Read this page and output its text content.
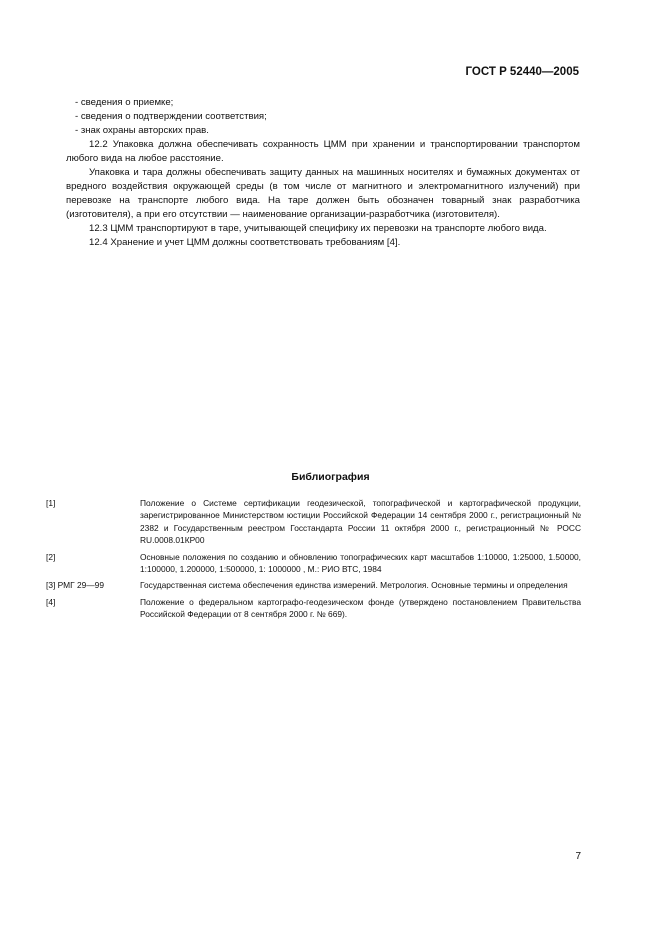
ГОСТ Р 52440—2005

- сведения о приемке;

- сведения о подтверждении соответствия;

- знак охраны авторских прав.

12.2 Упаковка должна обеспечивать сохранность ЦММ при хранении и транспортировании транспортом любого вида на любое расстояние.

Упаковка и тара должны обеспечивать защиту данных на машинных носителях и бумажных документах от вредного воздействия окружающей среды (в том числе от магнитного и электромагнитного излучений) при перевозке на транспорте любого вида. На таре должен быть обозначен товарный знак разработчика (изготовителя), а при его отсутствии — наименование организации-разработчика (изготовителя).

12.3 ЦММ транспортируют в таре, учитывающей специфику их перевозки на транспорте любого вида.

12.4 Хранение и учет ЦММ должны соответствовать требованиям [4].

Библиография
[1]	Положение о Системе сертификации геодезической, топографической и картографической продукции, зарегистрированное Министерством юстиции Российской Федерации 14 сентября 2000 г., регистрационный № 2382 и Государственным реестром Госстандарта России 11 октября 2000 г., регистрационный № РОСС RU.0008.01КР00
[2]	Основные положения по созданию и обновлению топографических карт масштабов 1:10000, 1:25000, 1.50000, 1:100000, 1.200000, 1:500000, 1: 1000000 , М.: РИО ВТС, 1984
[3] РМГ 29—99	Государственная система обеспечения единства измерений. Метрология. Основные термины и определения
[4]	Положение о федеральном картографо-геодезическом фонде (утверждено постановлением Правительства Российской Федерации от 8 сентября 2000 г. № 669).
7
